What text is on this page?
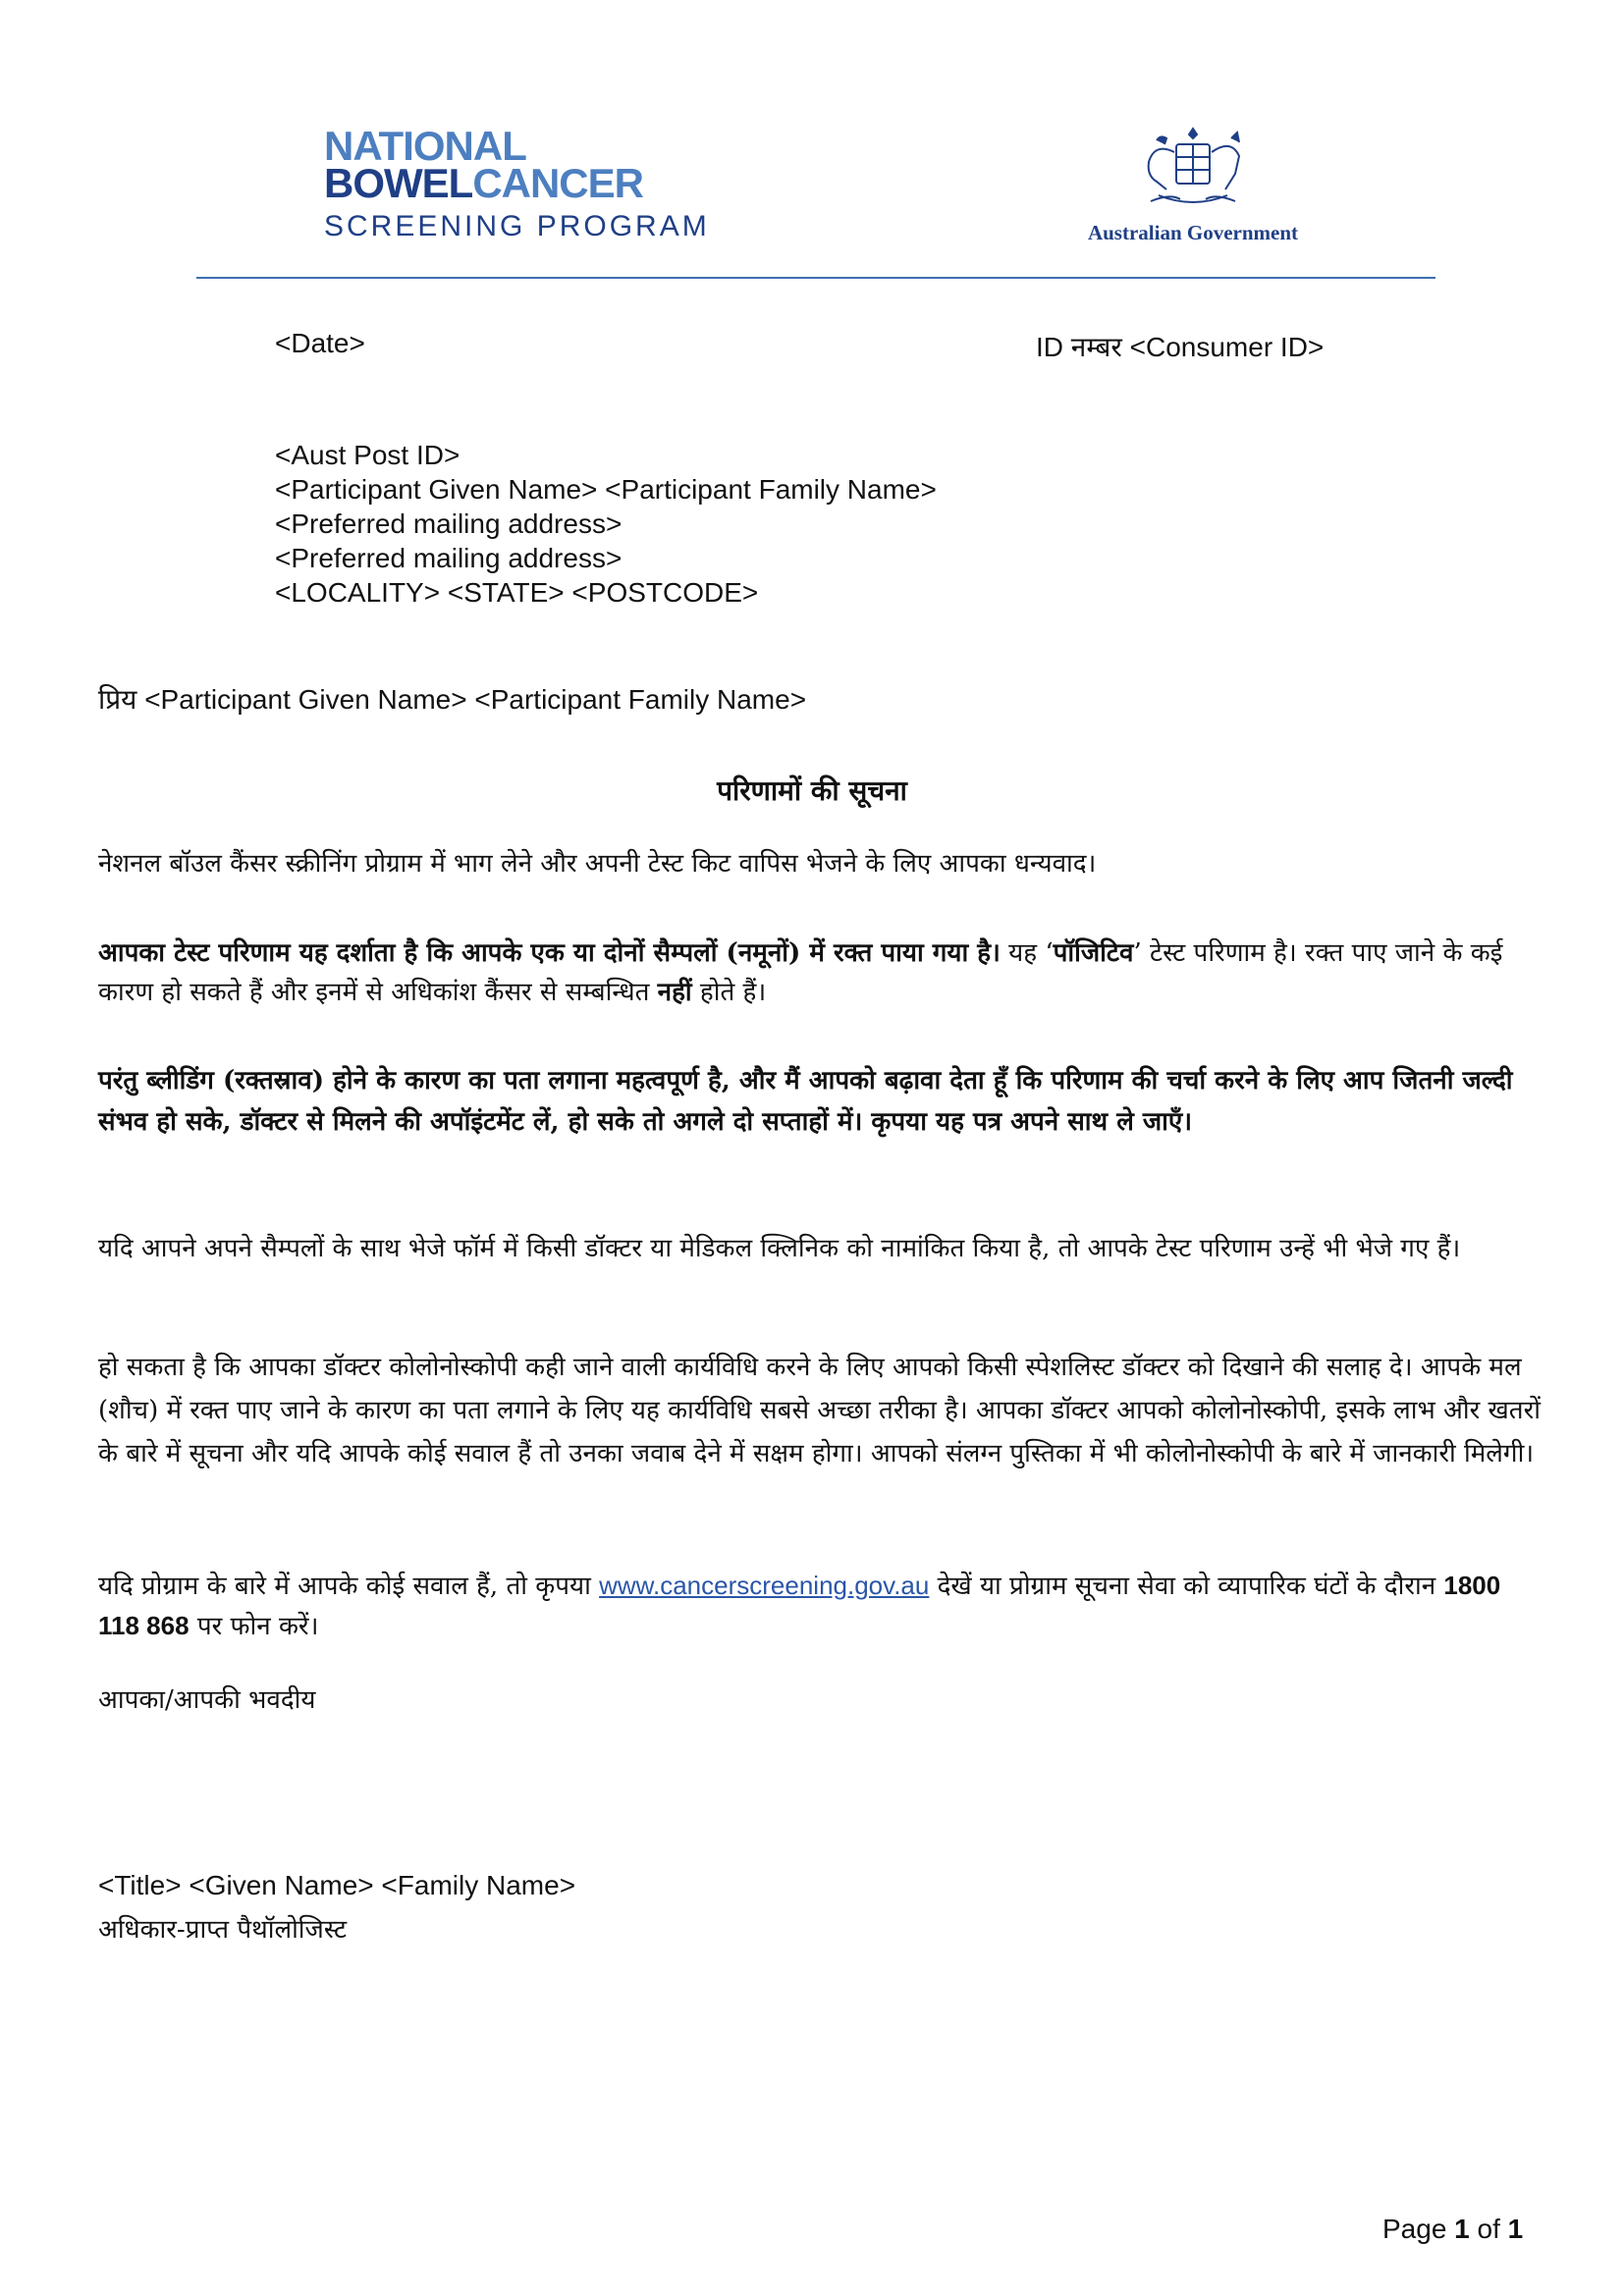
NATIONAL
BOWELCANCER
SCREENING PROGRAM	Australian Government
<Date>	ID नम्बर <Consumer ID>
<Aust Post ID>
<Participant Given Name> <Participant Family Name>
<Preferred mailing address>
<Preferred mailing address>
<LOCALITY> <STATE> <POSTCODE>
प्रिय <Participant Given Name> <Participant Family Name>
परिणामों की सूचना
नेशनल बॉउल कैंसर स्क्रीनिंग प्रोग्राम में भाग लेने और अपनी टेस्ट किट वापिस भेजने के लिए आपका धन्यवाद।
आपका टेस्ट परिणाम यह दर्शाता है कि आपके एक या दोनों सैम्पलों (नमूनों) में रक्त पाया गया है। यह ‘पॉजिटिव’ टेस्ट परिणाम है। रक्त पाए जाने के कई कारण हो सकते हैं और इनमें से अधिकांश कैंसर से सम्बन्धित नहीं होते हैं।
परंतु ब्लीडिंग (रक्तस्राव) होने के कारण का पता लगाना महत्वपूर्ण है, और मैं आपको बढ़ावा देता हूँ कि परिणाम की चर्चा करने के लिए आप जितनी जल्दी संभव हो सके, डॉक्टर से मिलने की अपॉइंटमेंट लें, हो सके तो अगले दो सप्ताहों में। कृपया यह पत्र अपने साथ ले जाएँ।
यदि आपने अपने सैम्पलों के साथ भेजे फॉर्म में किसी डॉक्टर या मेडिकल क्लिनिक को नामांकित किया है, तो आपके टेस्ट परिणाम उन्हें भी भेजे गए हैं।
हो सकता है कि आपका डॉक्टर कोलोनोस्कोपी कही जाने वाली कार्यविधि करने के लिए आपको किसी स्पेशलिस्ट डॉक्टर को दिखाने की सलाह दे। आपके मल (शौच) में रक्त पाए जाने के कारण का पता लगाने के लिए यह कार्यविधि सबसे अच्छा तरीका है। आपका डॉक्टर आपको कोलोनोस्कोपी, इसके लाभ और खतरों के बारे में सूचना और यदि आपके कोई सवाल हैं तो उनका जवाब देने में सक्षम होगा। आपको संलग्न पुस्तिका में भी कोलोनोस्कोपी के बारे में जानकारी मिलेगी।
यदि प्रोग्राम के बारे में आपके कोई सवाल हैं, तो कृपया www.cancerscreening.gov.au देखें या प्रोग्राम सूचना सेवा को व्यापारिक घंटों के दौरान 1800 118 868 पर फोन करें।
आपका/आपकी भवदीय
<Title> <Given Name> <Family Name>
अधिकार-प्राप्त पैथॉलोजिस्ट
Page 1 of 1
